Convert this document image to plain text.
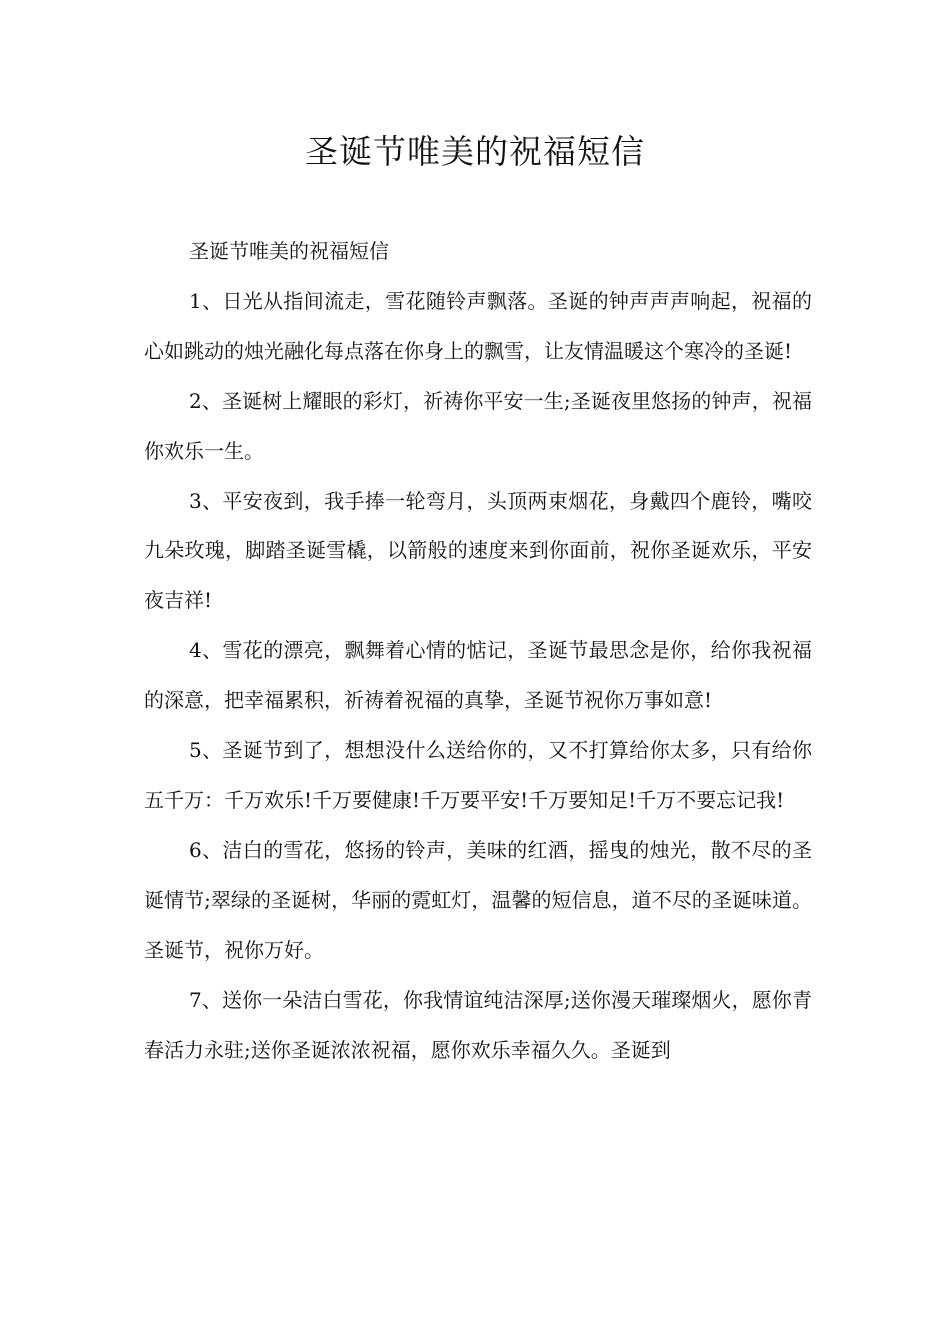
圣诞节唯美的祝福短信

圣诞节唯美的祝福短信

1、日光从指间流走，雪花随铃声飘落。圣诞的钟声声声响起，祝福的心如跳动的烛光融化每点落在你身上的飘雪，让友情温暖这个寒冷的圣诞!

2、圣诞树上耀眼的彩灯，祈祷你平安一生;圣诞夜里悠扬的钟声，祝福你欢乐一生。

3、平安夜到，我手捧一轮弯月，头顶两束烟花，身戴四个鹿铃，嘴咬九朵玫瑰，脚踏圣诞雪橇，以箭般的速度来到你面前，祝你圣诞欢乐，平安夜吉祥!

4、雪花的漂亮，飘舞着心情的惦记，圣诞节最思念是你，给你我祝福的深意，把幸福累积，祈祷着祝福的真挚，圣诞节祝你万事如意!

5、圣诞节到了，想想没什么送给你的，又不打算给你太多，只有给你五千万：千万欢乐!千万要健康!千万要平安!千万要知足!千万不要忘记我!

6、洁白的雪花，悠扬的铃声，美味的红酒，摇曳的烛光，散不尽的圣诞情节;翠绿的圣诞树，华丽的霓虹灯，温馨的短信息，道不尽的圣诞味道。圣诞节，祝你万好。

7、送你一朵洁白雪花，你我情谊纯洁深厚;送你漫天璀璨烟火，愿你青春活力永驻;送你圣诞浓浓祝福，愿你欢乐幸福久久。圣诞到
